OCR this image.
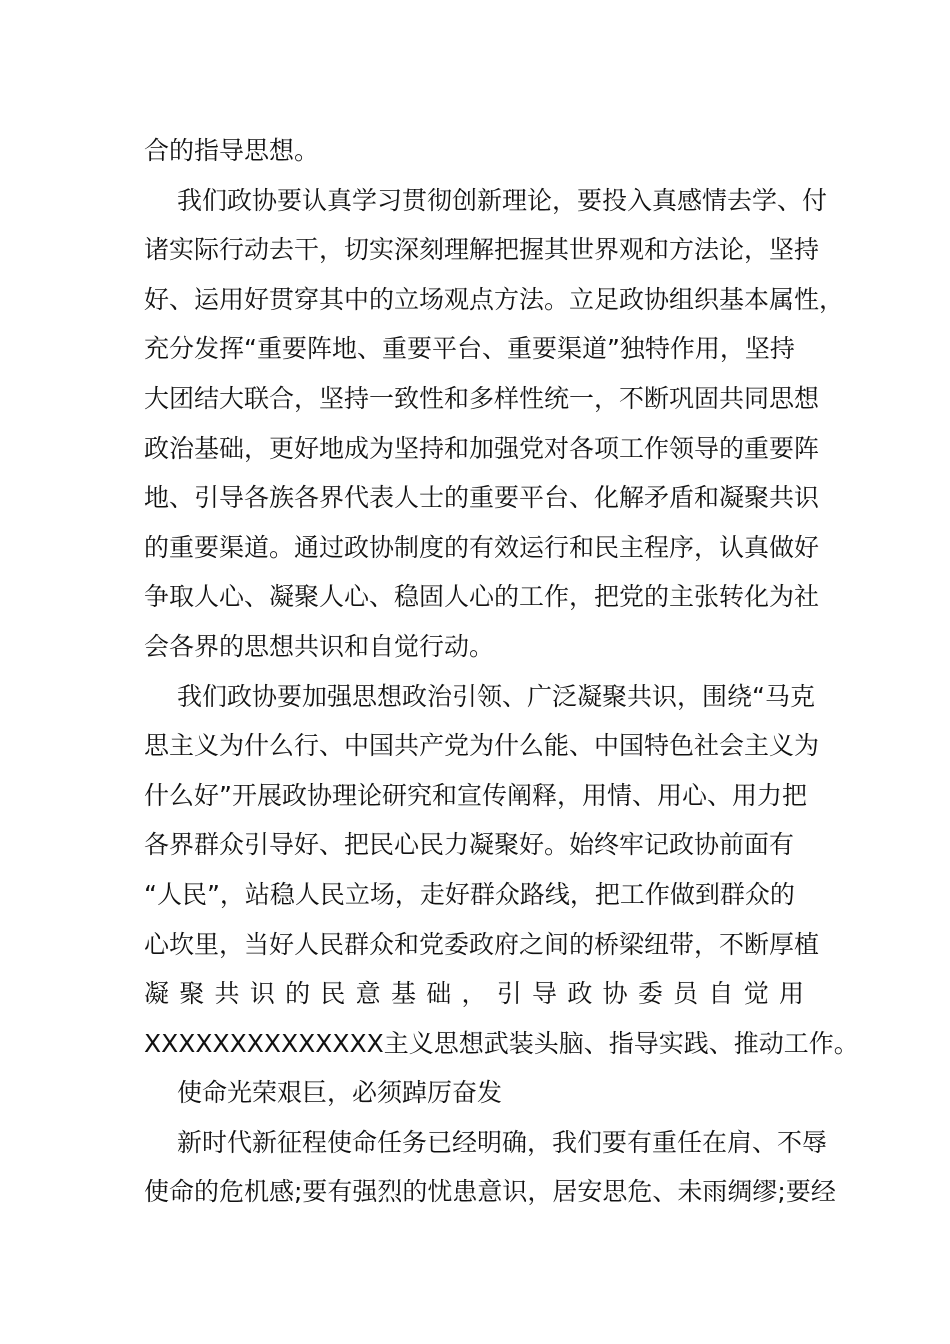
合的指导思想。
我们政协要认真学习贯彻创新理论，要投入真感情去学、付
诸实际行动去干，切实深刻理解把握其世界观和方法论，坚持
好、运用好贯穿其中的立场观点方法。立足政协组织基本属性，
充分发挥“重要阵地、重要平台、重要渠道”独特作用，坚持
大团结大联合，坚持一致性和多样性统一，不断巩固共同思想
政治基础，更好地成为坚持和加强党对各项工作领导的重要阵
地、引导各族各界代表人士的重要平台、化解矛盾和凝聚共识
的重要渠道。通过政协制度的有效运行和民主程序，认真做好
争取人心、凝聚人心、稳固人心的工作，把党的主张转化为社
会各界的思想共识和自觉行动。
我们政协要加强思想政治引领、广泛凝聚共识，围绕“马克
思主义为什么行、中国共产党为什么能、中国特色社会主义为
什么好”开展政协理论研究和宣传阐释，用情、用心、用力把
各界群众引导好、把民心民力凝聚好。始终牢记政协前面有
“人民”，站稳人民立场，走好群众路线，把工作做到群众的
心坎里，当好人民群众和党委政府之间的桥梁纽带，不断厚植
凝聚共识的民意基础，引导政协委员自觉用
XXXXXXXXXXXXXX主义思想武装头脑、指导实践、推动工作。
使命光荣艰巨，必须踔厉奋发
新时代新征程使命任务已经明确，我们要有重任在肩、不辱
使命的危机感;要有强烈的忧患意识，居安思危、未雨绸缪;要经
